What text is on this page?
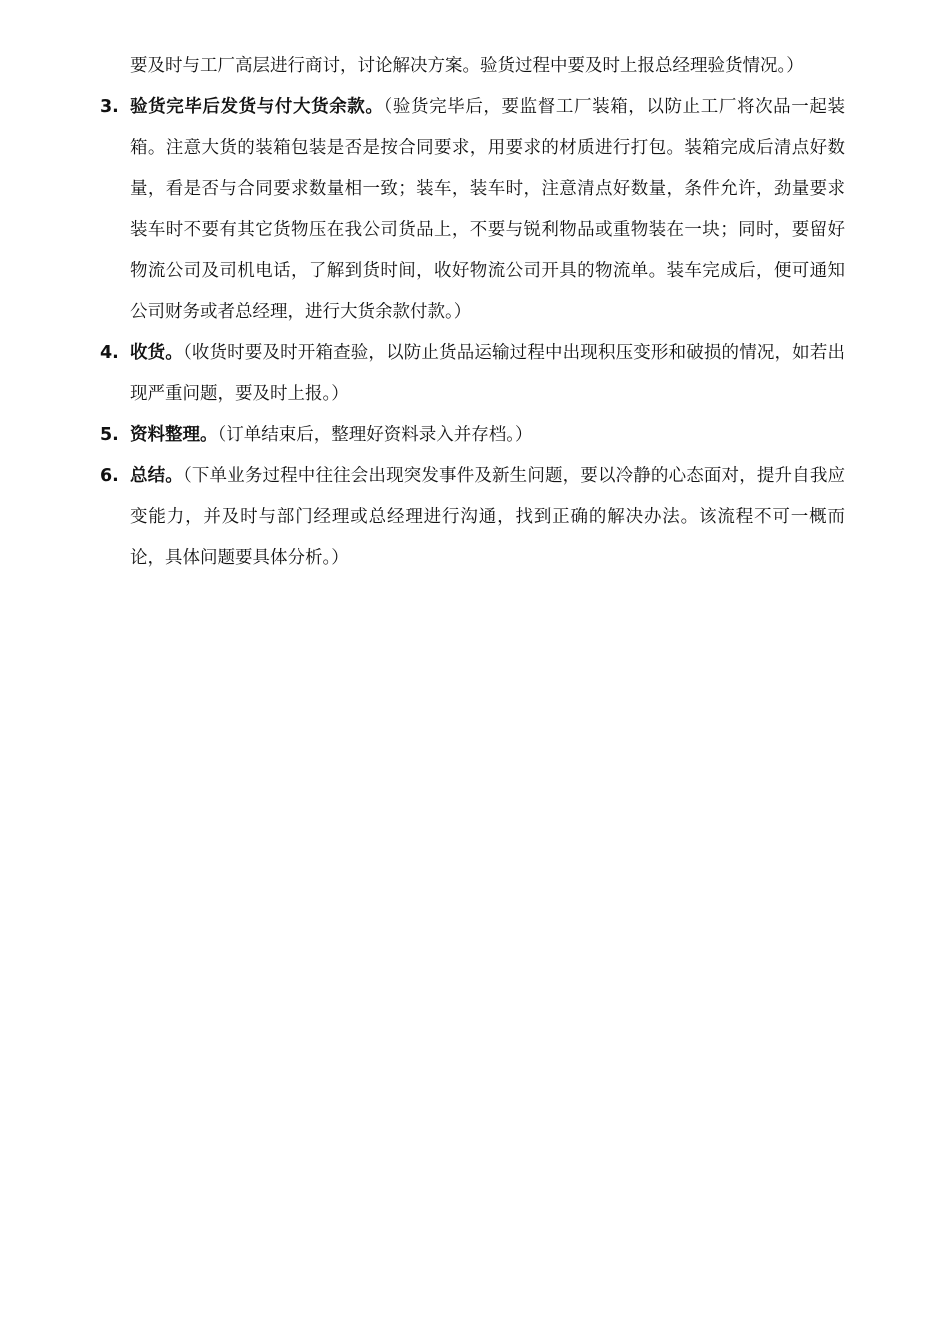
要及时与工厂高层进行商讨，讨论解决方案。验货过程中要及时上报总经理验货情况。）

3. 验货完毕后发货与付大货余款。（验货完毕后，要监督工厂装箱，以防止工厂将次品一起装箱。注意大货的装箱包装是否是按合同要求，用要求的材质进行打包。装箱完成后清点好数量，看是否与合同要求数量相一致；装车，装车时，注意清点好数量，条件允许，劲量要求装车时不要有其它货物压在我公司货品上，不要与锐利物品或重物装在一块；同时，要留好物流公司及司机电话，了解到货时间，收好物流公司开具的物流单。装车完成后，便可通知公司财务或者总经理，进行大货余款付款。）

4. 收货。（收货时要及时开箱查验，以防止货品运输过程中出现积压变形和破损的情况，如若出现严重问题，要及时上报。）

5. 资料整理。（订单结束后，整理好资料录入并存档。）

6. 总结。（下单业务过程中往往会出现突发事件及新生问题，要以冷静的心态面对，提升自我应变能力，并及时与部门经理或总经理进行沟通，找到正确的解决办法。该流程不可一概而论，具体问题要具体分析。）
